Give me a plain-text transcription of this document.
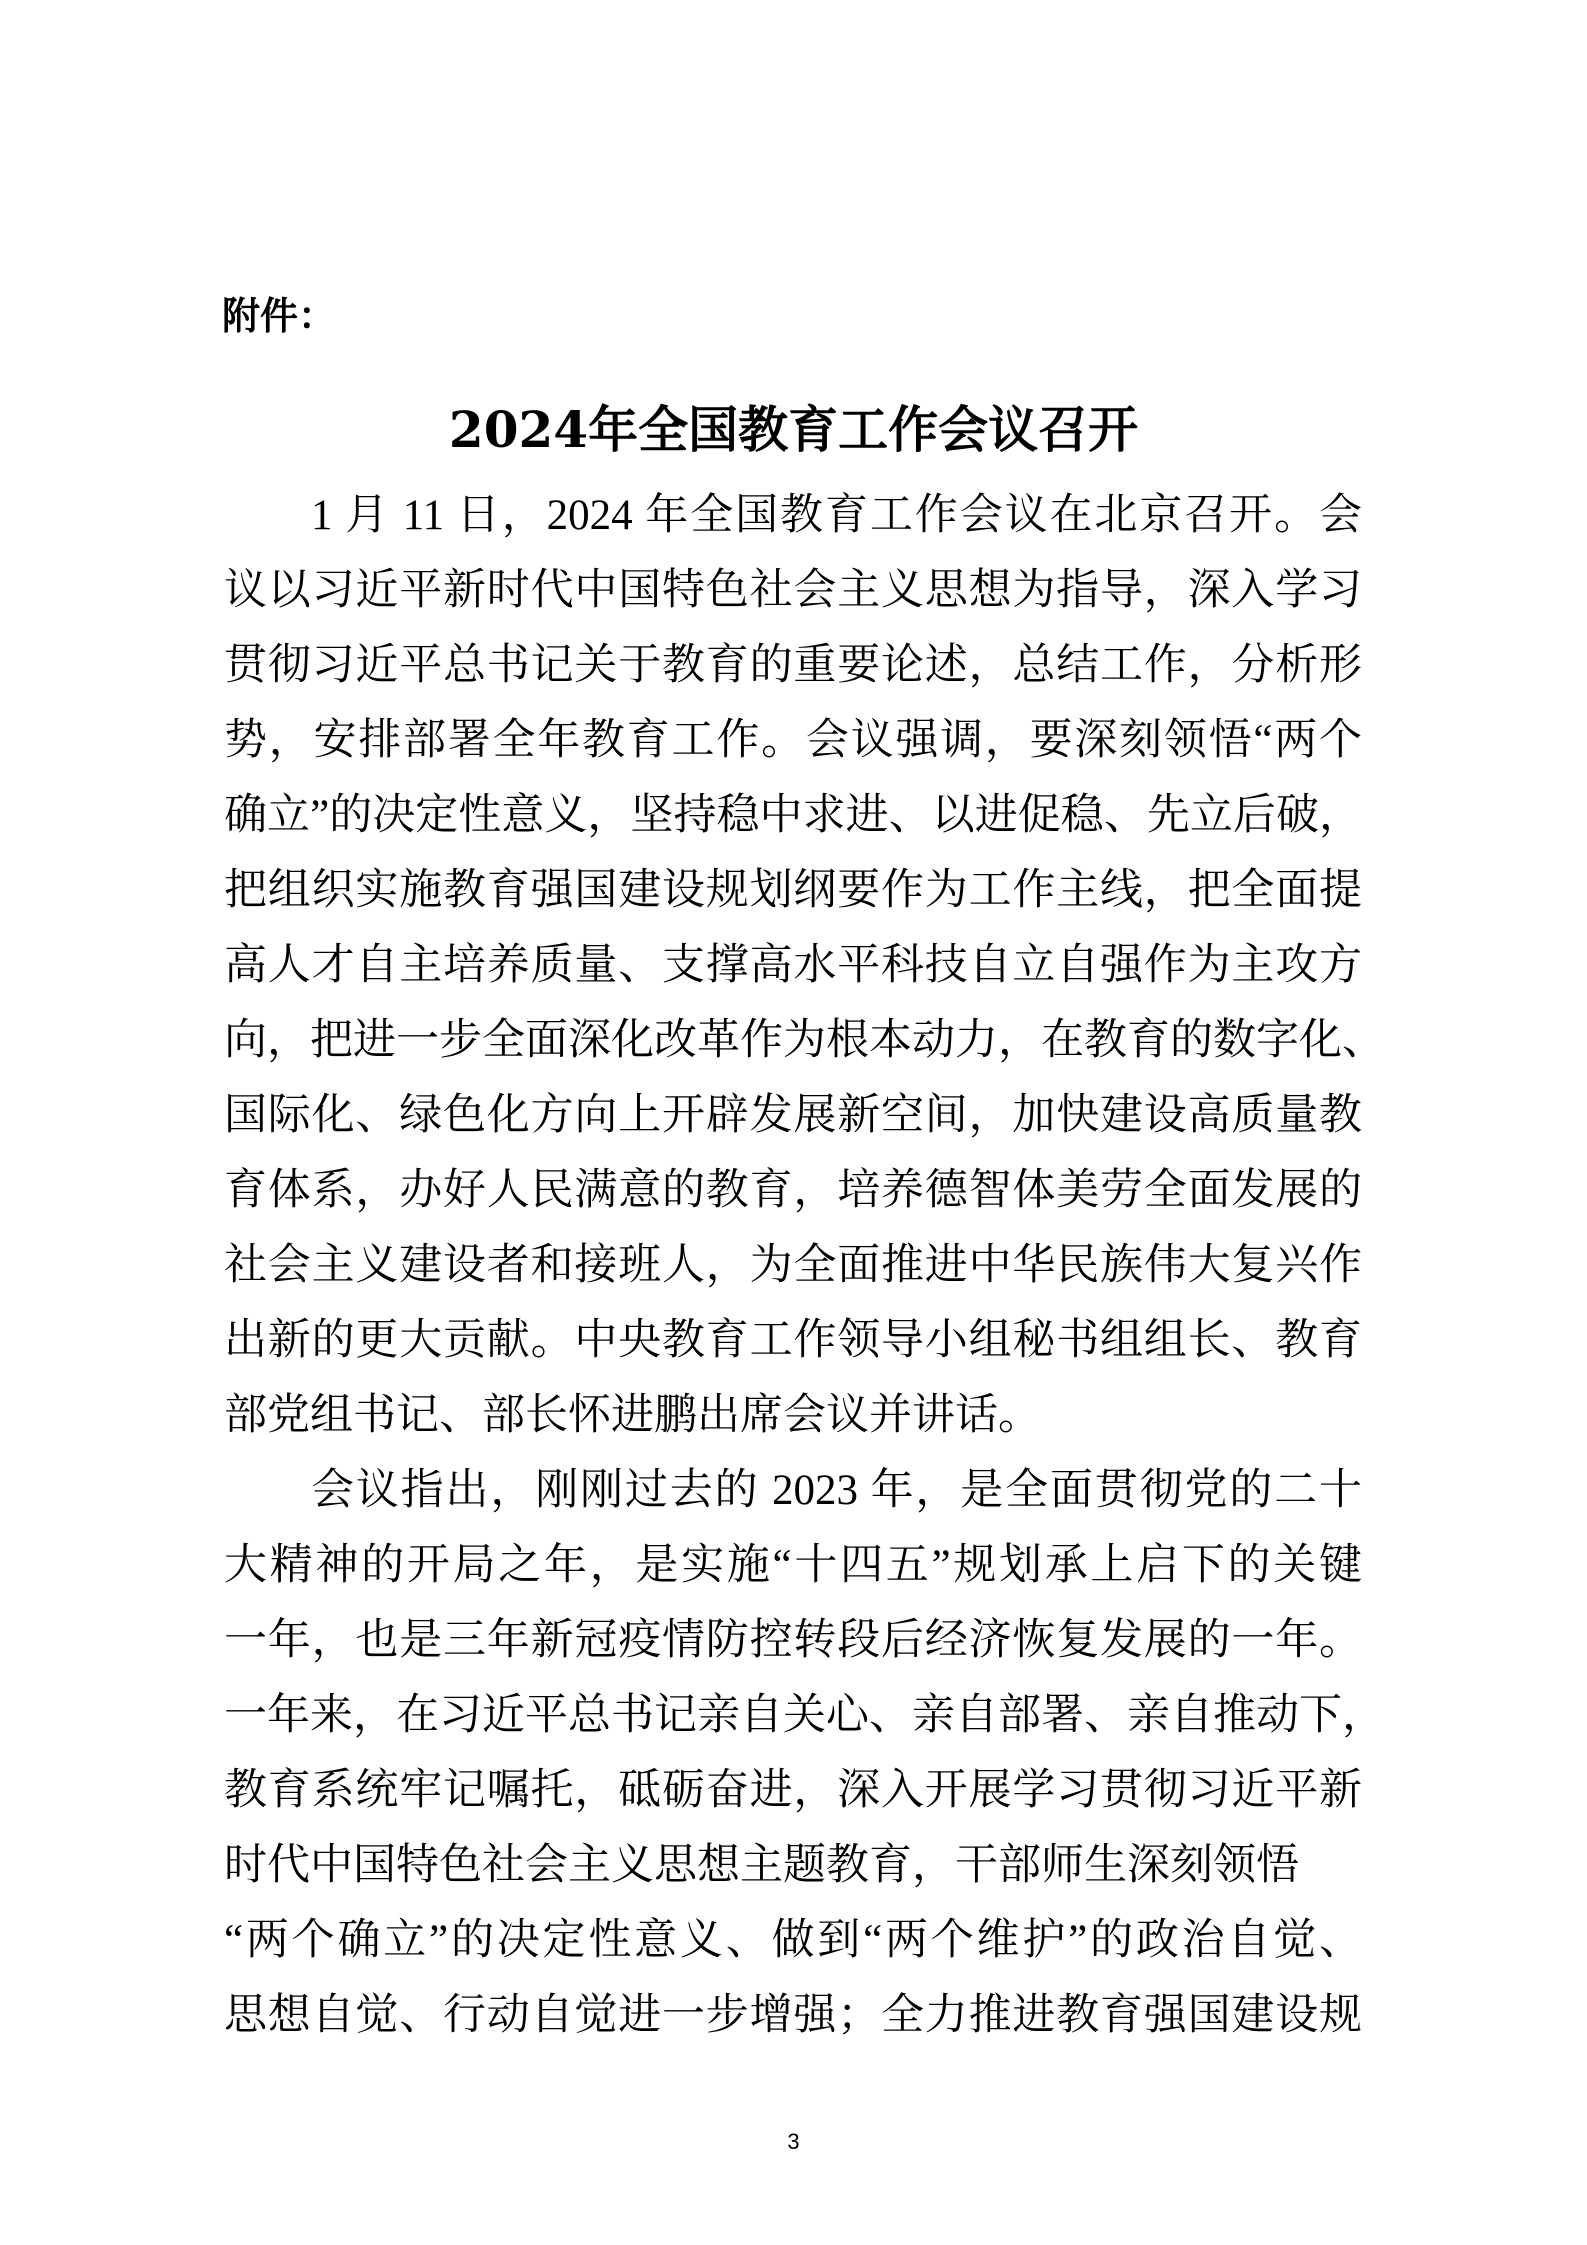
附件：
2024年全国教育工作会议召开
1 月 11 日，2024 年全国教育工作会议在北京召开。会
议以习近平新时代中国特色社会主义思想为指导，深入学习
贯彻习近平总书记关于教育的重要论述，总结工作，分析形
势，安排部署全年教育工作。会议强调，要深刻领悟“两个
确立”的决定性意义，坚持稳中求进、以进促稳、先立后破，
把组织实施教育强国建设规划纲要作为工作主线，把全面提
高人才自主培养质量、支撑高水平科技自立自强作为主攻方
向，把进一步全面深化改革作为根本动力，在教育的数字化、
国际化、绿色化方向上开辟发展新空间，加快建设高质量教
育体系，办好人民满意的教育，培养德智体美劳全面发展的
社会主义建设者和接班人，为全面推进中华民族伟大复兴作
出新的更大贡献。中央教育工作领导小组秘书组组长、教育
部党组书记、部长怀进鹏出席会议并讲话。
会议指出，刚刚过去的 2023 年，是全面贯彻党的二十
大精神的开局之年，是实施“十四五”规划承上启下的关键
一年，也是三年新冠疫情防控转段后经济恢复发展的一年。
一年来，在习近平总书记亲自关心、亲自部署、亲自推动下，
教育系统牢记嘱托，砥砺奋进，深入开展学习贯彻习近平新
时代中国特色社会主义思想主题教育，干部师生深刻领悟
“两个确立”的决定性意义、做到“两个维护”的政治自觉、
思想自觉、行动自觉进一步增强；全力推进教育强国建设规
3
